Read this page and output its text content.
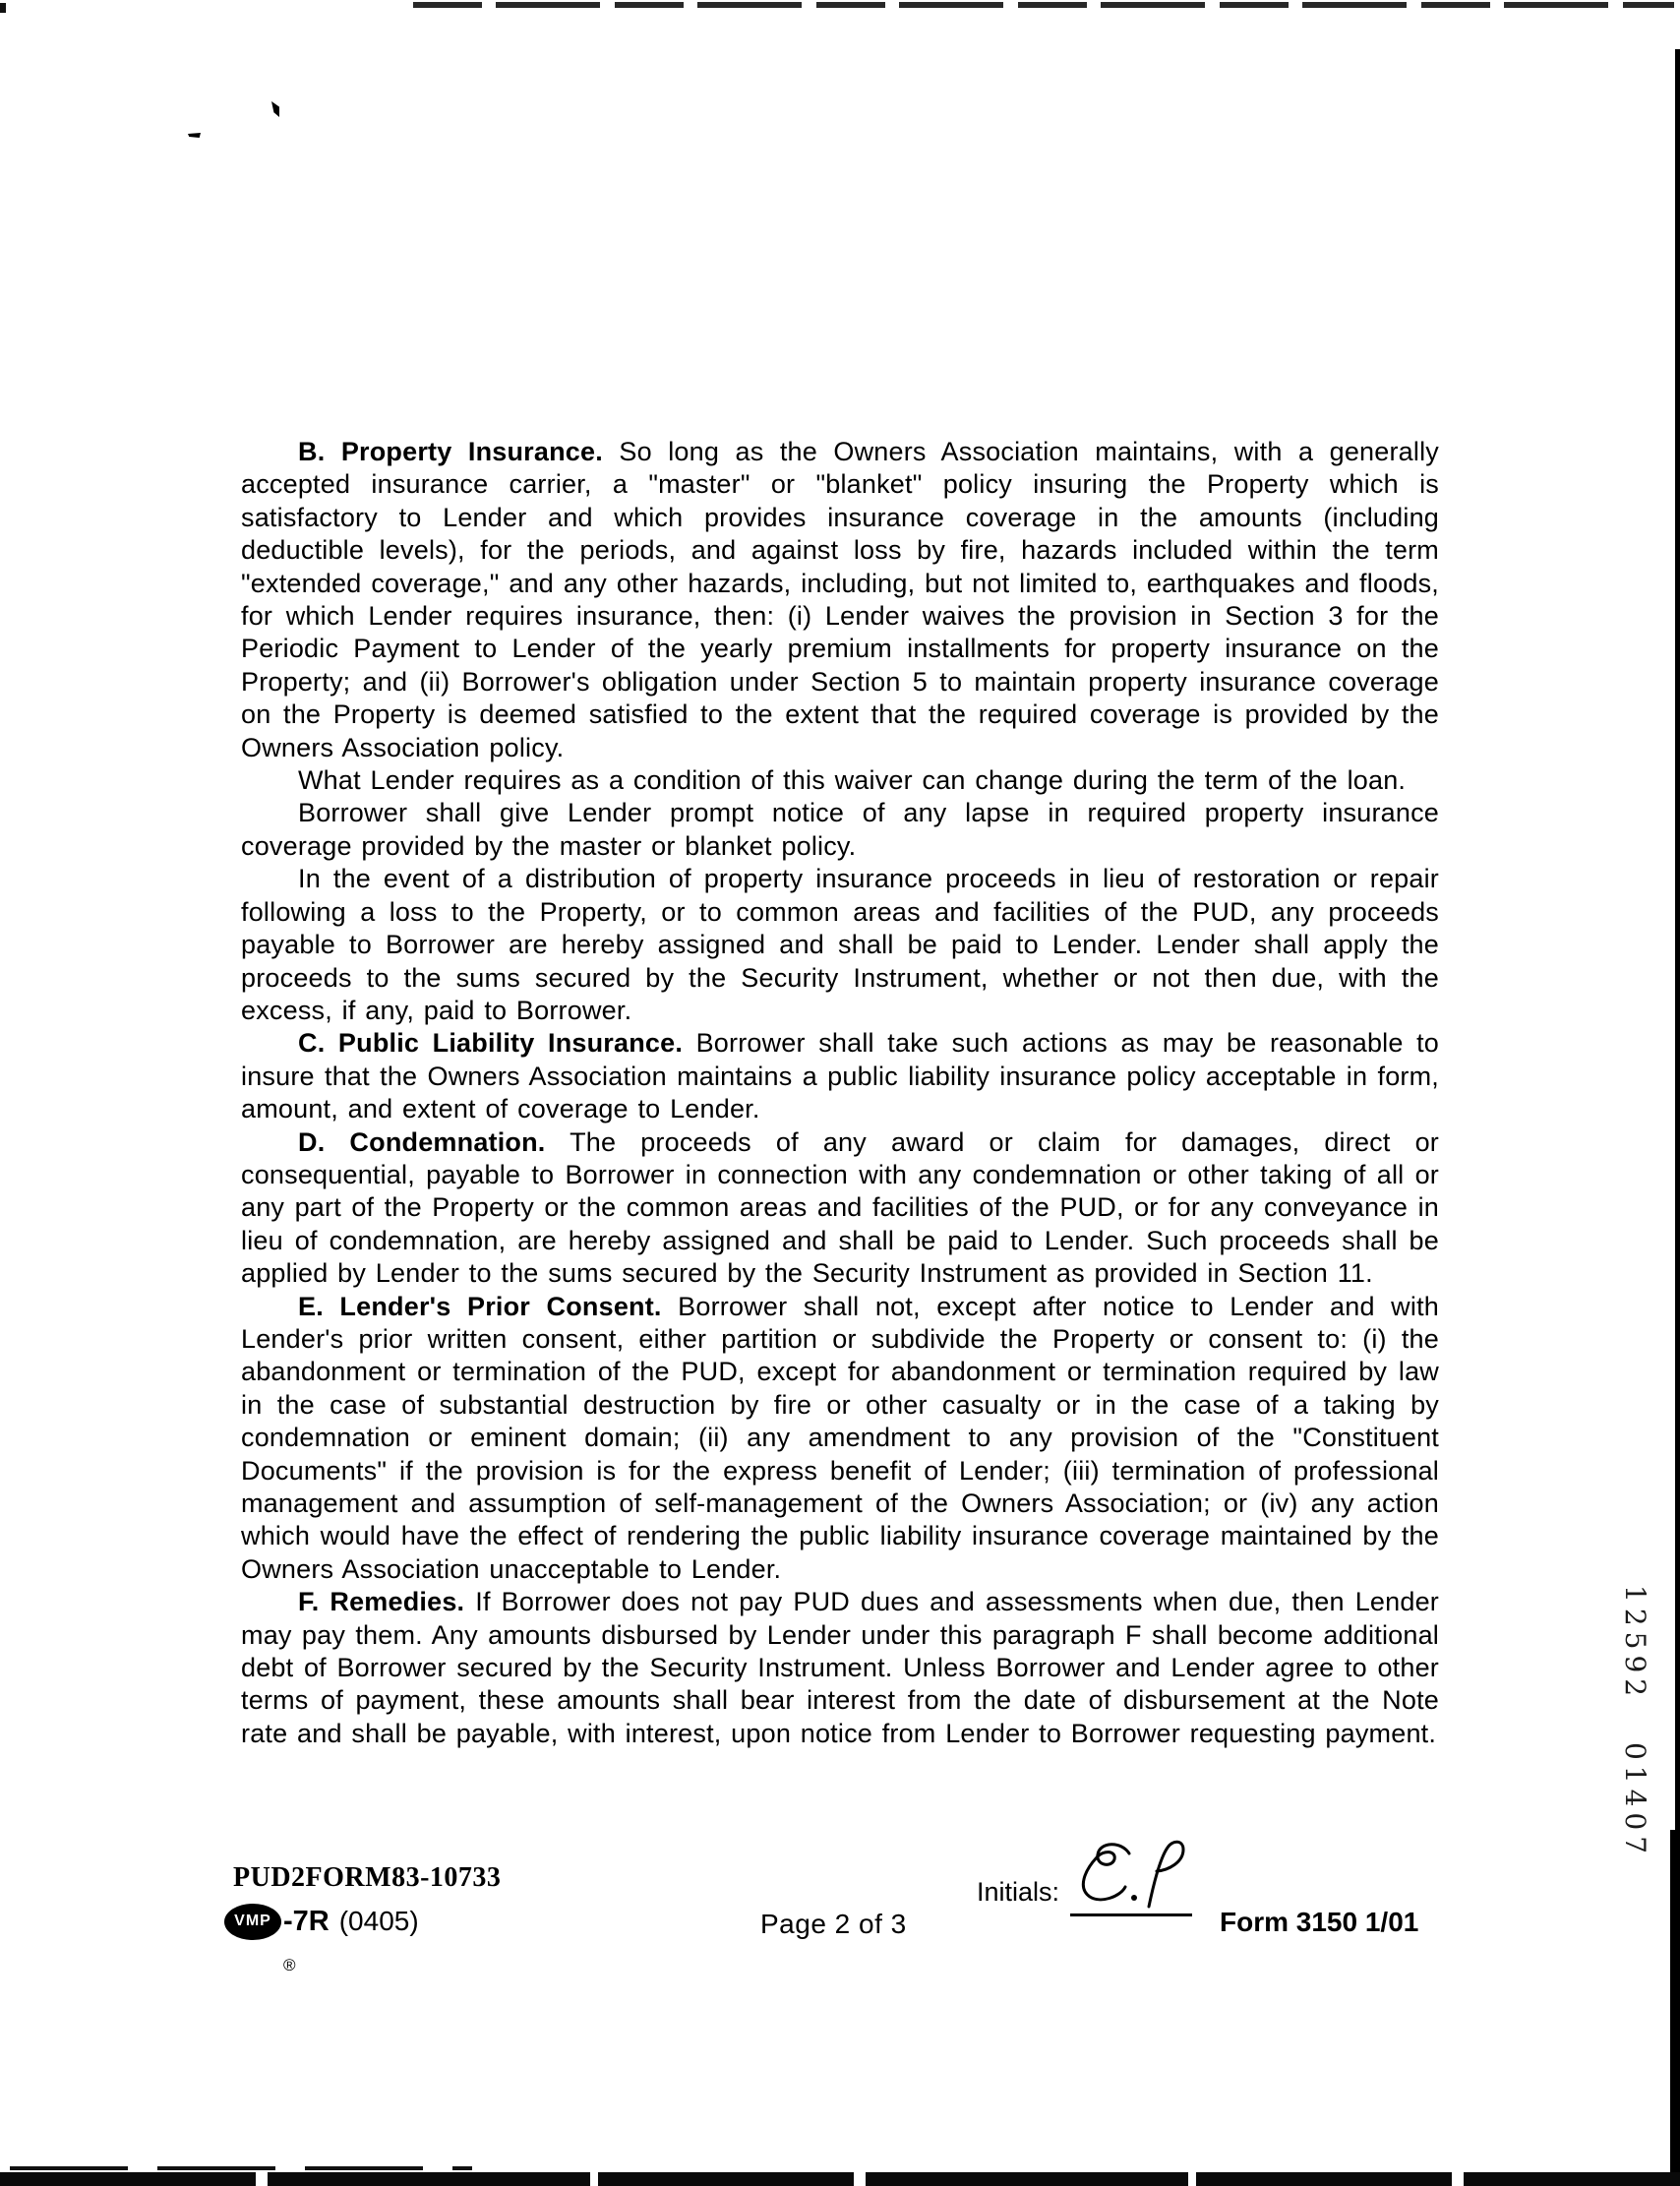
B. Property Insurance. So long as the Owners Association maintains, with a generally accepted insurance carrier, a "master" or "blanket" policy insuring the Property which is satisfactory to Lender and which provides insurance coverage in the amounts (including deductible levels), for the periods, and against loss by fire, hazards included within the term "extended coverage," and any other hazards, including, but not limited to, earthquakes and floods, for which Lender requires insurance, then: (i) Lender waives the provision in Section 3 for the Periodic Payment to Lender of the yearly premium installments for property insurance on the Property; and (ii) Borrower's obligation under Section 5 to maintain property insurance coverage on the Property is deemed satisfied to the extent that the required coverage is provided by the Owners Association policy.

What Lender requires as a condition of this waiver can change during the term of the loan.

Borrower shall give Lender prompt notice of any lapse in required property insurance coverage provided by the master or blanket policy.

In the event of a distribution of property insurance proceeds in lieu of restoration or repair following a loss to the Property, or to common areas and facilities of the PUD, any proceeds payable to Borrower are hereby assigned and shall be paid to Lender. Lender shall apply the proceeds to the sums secured by the Security Instrument, whether or not then due, with the excess, if any, paid to Borrower.

C. Public Liability Insurance. Borrower shall take such actions as may be reasonable to insure that the Owners Association maintains a public liability insurance policy acceptable in form, amount, and extent of coverage to Lender.

D. Condemnation. The proceeds of any award or claim for damages, direct or consequential, payable to Borrower in connection with any condemnation or other taking of all or any part of the Property or the common areas and facilities of the PUD, or for any conveyance in lieu of condemnation, are hereby assigned and shall be paid to Lender. Such proceeds shall be applied by Lender to the sums secured by the Security Instrument as provided in Section 11.

E. Lender's Prior Consent. Borrower shall not, except after notice to Lender and with Lender's prior written consent, either partition or subdivide the Property or consent to: (i) the abandonment or termination of the PUD, except for abandonment or termination required by law in the case of substantial destruction by fire or other casualty or in the case of a taking by condemnation or eminent domain; (ii) any amendment to any provision of the "Constituent Documents" if the provision is for the express benefit of Lender; (iii) termination of professional management and assumption of self-management of the Owners Association; or (iv) any action which would have the effect of rendering the public liability insurance coverage maintained by the Owners Association unacceptable to Lender.

F. Remedies. If Borrower does not pay PUD dues and assessments when due, then Lender may pay them. Any amounts disbursed by Lender under this paragraph F shall become additional debt of Borrower secured by the Security Instrument. Unless Borrower and Lender agree to other terms of payment, these amounts shall bear interest from the date of disbursement at the Note rate and shall be payable, with interest, upon notice from Lender to Borrower requesting payment.	12592 01407
PUD2FORM83-10733
VMP
®
-7R (0405)	Page 2 of 3
Initials:
Form 3150 1/01
